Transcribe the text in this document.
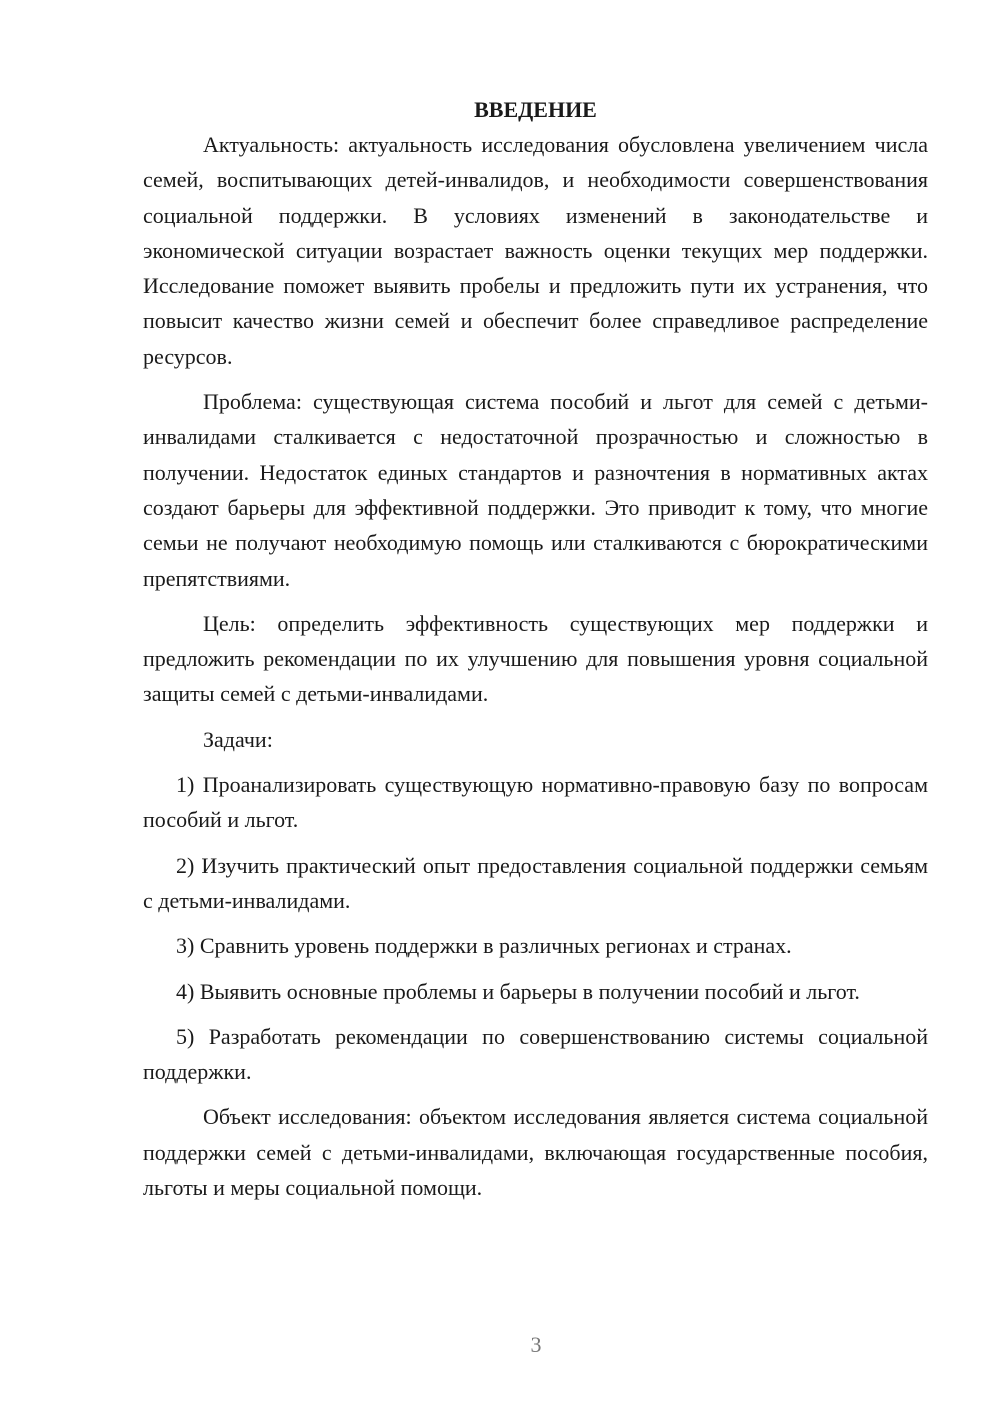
ВВЕДЕНИЕ

Актуальность: актуальность исследования обусловлена увеличением числа семей, воспитывающих детей-инвалидов, и необходимости совершенствования социальной поддержки. В условиях изменений в законодательстве и экономической ситуации возрастает важность оценки текущих мер поддержки. Исследование поможет выявить пробелы и предложить пути их устранения, что повысит качество жизни семей и обеспечит более справедливое распределение ресурсов.

Проблема: существующая система пособий и льгот для семей с детьми-инвалидами сталкивается с недостаточной прозрачностью и сложностью в получении. Недостаток единых стандартов и разночтения в нормативных актах создают барьеры для эффективной поддержки. Это приводит к тому, что многие семьи не получают необходимую помощь или сталкиваются с бюрократическими препятствиями.

Цель: определить эффективность существующих мер поддержки и предложить рекомендации по их улучшению для повышения уровня социальной защиты семей с детьми-инвалидами.

Задачи:

1) Проанализировать существующую нормативно-правовую базу по вопросам пособий и льгот.

2) Изучить практический опыт предоставления социальной поддержки семьям с детьми-инвалидами.

3) Сравнить уровень поддержки в различных регионах и странах.

4) Выявить основные проблемы и барьеры в получении пособий и льгот.

5) Разработать рекомендации по совершенствованию системы социальной поддержки.

Объект исследования: объектом исследования является система социальной поддержки семей с детьми-инвалидами, включающая государственные пособия, льготы и меры социальной помощи.

3
